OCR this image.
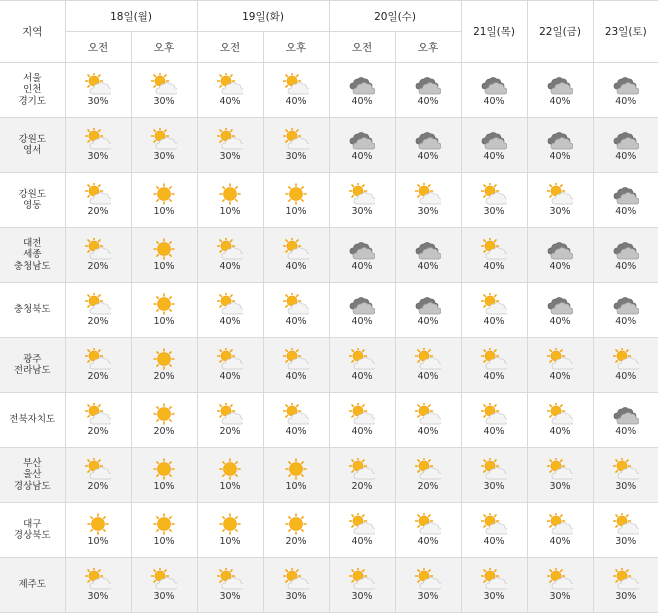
지역	18일(월)		19일(화)		20일(수)		21일(목)	22일(금)	23일(토)
	오전	오후	오전	오후	오전	오후			

서울
인천
경기도	30%	30%	40%	40%	40%	40%	40%	40%	40%

강원도
영서	30%	30%	30%	30%	40%	40%	40%	40%	40%

강원도
영동	20%	10%	10%	10%	30%	30%	30%	30%	40%

대전
세종
충청남도	20%	10%	40%	40%	40%	40%	40%	40%	40%

충청북도	20%	10%	40%	40%	40%	40%	40%	40%	40%

광주
전라남도	20%	20%	40%	40%	40%	40%	40%	40%	40%

전북자치도	20%	20%	20%	40%	40%	40%	40%	40%	40%

부산
울산
경상남도	20%	10%	10%	10%	20%	20%	30%	30%	30%

대구
경상북도	10%	10%	10%	20%	40%	40%	40%	40%	30%

제주도	30%	30%	30%	30%	30%	30%	30%	30%	30%
